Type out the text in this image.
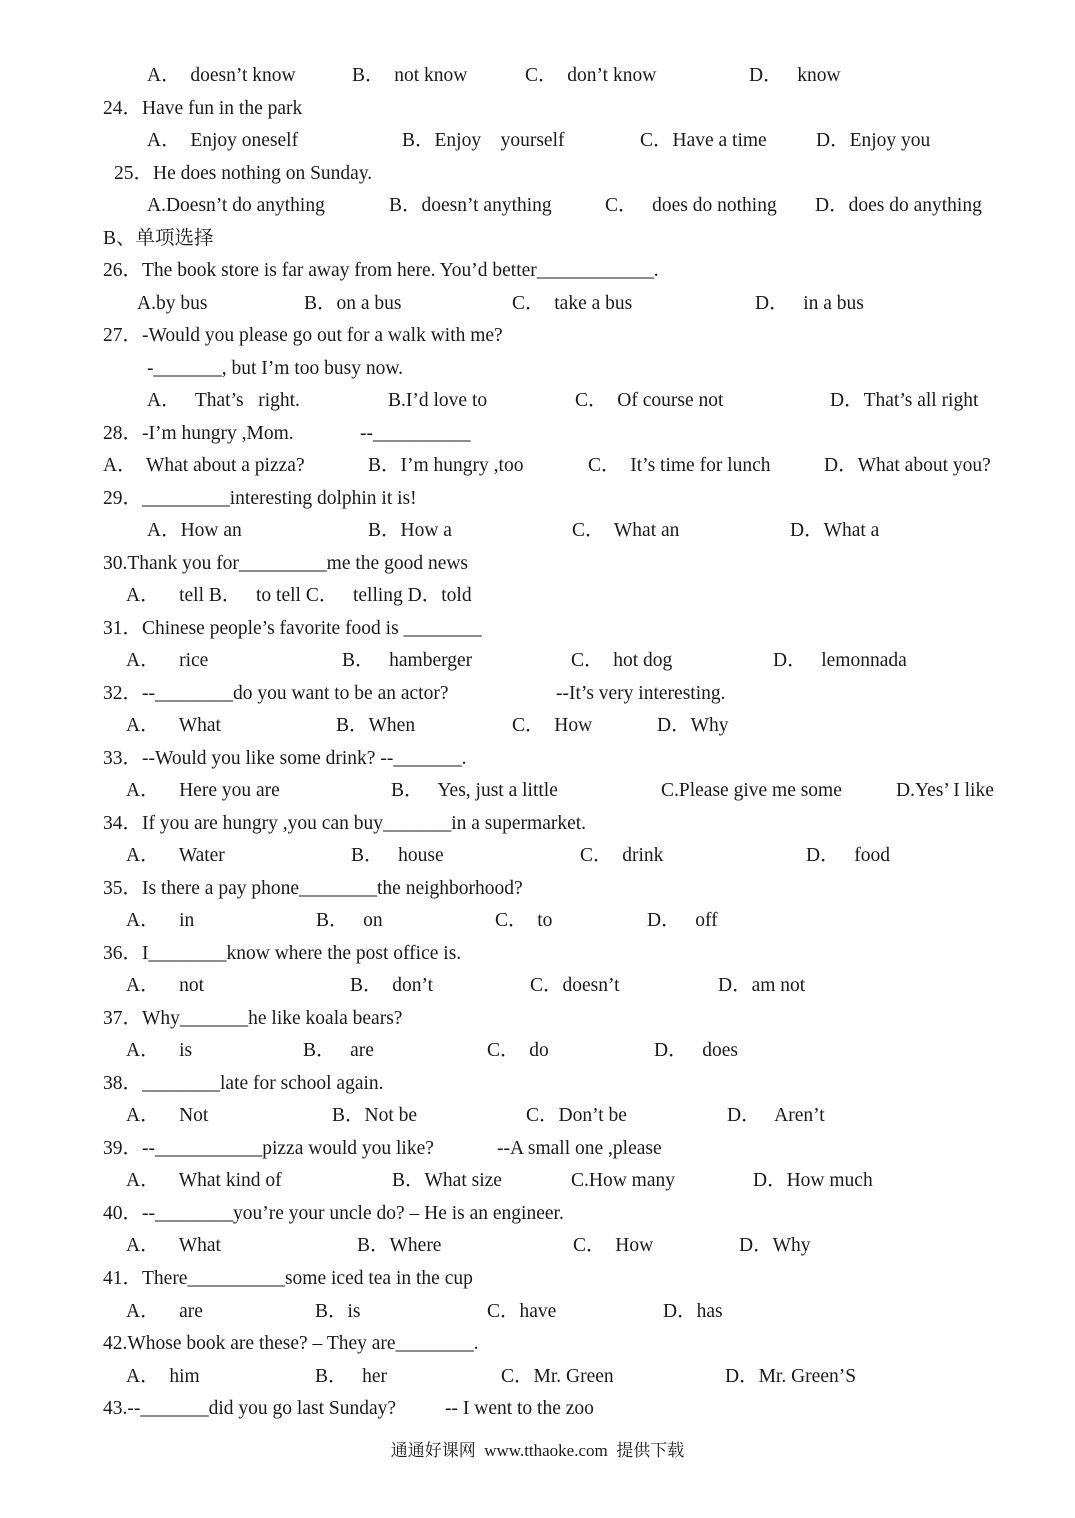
A．  doesn’t know	B．  not know	C．  don’t know	D．   know
24．Have fun in the park
A．  Enjoy oneself	B．Enjoy    yourself	C．Have a time	D．Enjoy you
25．He does nothing on Sunday.
A.Doesn’t do anything	B．doesn’t anything	C．   does do nothing D．does do anything
B、单项选择
26．The book store is far away from here. You’d better____________.
A.by bus	B．on a bus	C．  take a bus	D．   in a bus
27．-Would you please go out for a walk with me?
-_______, but I’m too busy now.
A．   That’s   right.	B.I’d love to	C．  Of course not	D．That’s all right
28．-I’m hungry ,Mom.	--__________
A．  What about a pizza?	B．I’m hungry ,too	C．  It’s time for lunch	D．What about you?
29．_________interesting dolphin it is!
A．How an	B．How a	C．  What an	D．What a
30.Thank you for_________me the good news
A．    tell B．   to tell C．   telling D．told
31．Chinese people’s favorite food is ________
A．    rice	B．   hamberger	C．  hot dog	D．   lemonnada
32．--________do you want to be an actor?	--It’s very interesting.
A．    What	B．When	C．  How	D．Why
33．--Would you like some drink? --_______.
A．    Here you are	B．   Yes, just a little	C.Please give me some	D.Yes’ I like
34．If you are hungry ,you can buy_______in a supermarket.
A．    Water	B．   house	C．  drink	D．   food
35．Is there a pay phone________the neighborhood?
A．    in	B．   on	C．  to	D．   off
36．I________know where the post office is.
A．    not	B．  don’t	C．doesn’t	D．am not
37．Why_______he like koala bears?
A．    is	B．   are	C．  do	D．   does
38．________late for school again.
A．    Not	B．Not be	C．Don’t be	D．   Aren’t
39．--___________pizza would you like?	--A small one ,please
A．    What kind of	B．What size	C.How many	D．How much
40．--________you’re your uncle do? – He is an engineer.
A．    What	B．Where	C．  How	D．Why
41．There__________some iced tea in the cup
A．    are	B．is	C．have	D．has
42.Whose book are these? – They are________.
A．  him	B．   her	C．Mr. Green	D．Mr. Green’S
43.--_______did you go last Sunday?	-- I went to the zoo
通通好课网  www.tthaoke.com  提供下载
